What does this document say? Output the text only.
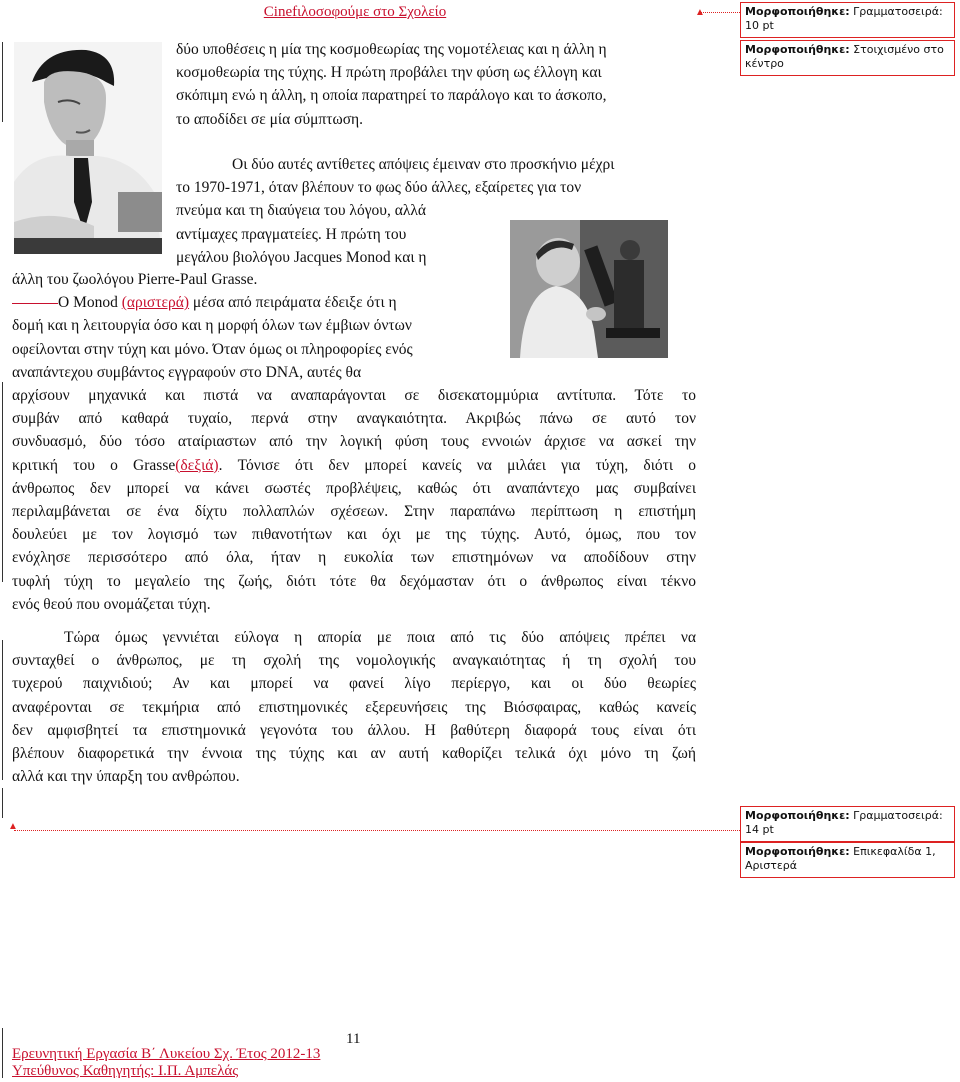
Cinefιλοσοφούμε στο Σχολείο	▲	Μορφοποιήθηκε: Γραμματοσειρά: 10 pt
Μορφοποιήθηκε: Στοιχισμένο στο κέντρο
δύο υποθέσεις η μία της κοσμοθεωρίας της νομοτέλειας και η άλλη η
κοσμοθεωρία της τύχης. Η πρώτη προβάλει την φύση ως έλλογη και
σκόπιμη ενώ η άλλη, η οποία παρατηρεί το παράλογο και το άσκοπο,
το αποδίδει σε μία σύμπτωση.
Οι δύο αυτές αντίθετες απόψεις έμειναν στο προσκήνιο μέχρι
το 1970-1971, όταν βλέπουν το φως δύο άλλες, εξαίρετες για τον
πνεύμα και τη διαύγεια του λόγου, αλλά
αντίμαχες πραγματείες. Η πρώτη του
μεγάλου βιολόγου Jacques Monod και η
άλλη του ζωολόγου Pierre-Paul Grasse.
Ο Monod (αριστερά) μέσα από πειράματα έδειξε ότι η
δομή και η λειτουργία όσο και η μορφή όλων των έμβιων όντων
οφείλονται στην τύχη και μόνο. Όταν όμως οι πληροφορίες ενός
αναπάντεχου συμβάντος εγγραφούν στο DNA, αυτές θα
αρχίσουν μηχανικά και πιστά να αναπαράγονται σε δισεκατομμύρια αντίτυπα. Τότε το
συμβάν από καθαρά τυχαίο, περνά στην αναγκαιότητα. Ακριβώς πάνω σε αυτό τον
συνδυασμό, δύο τόσο αταίριαστων από την λογική φύση τους εννοιών άρχισε να ασκεί την
κριτική του ο Grasse(δεξιά). Τόνισε ότι δεν μπορεί κανείς να μιλάει για τύχη, διότι ο
άνθρωπος δεν μπορεί να κάνει σωστές προβλέψεις, καθώς ότι αναπάντεχο μας συμβαίνει
περιλαμβάνεται σε ένα δίχτυ πολλαπλών σχέσεων. Στην παραπάνω περίπτωση η επιστήμη
δουλεύει με τον λογισμό των πιθανοτήτων και όχι με της τύχης. Αυτό, όμως, που τον
ενόχλησε περισσότερο από όλα, ήταν η ευκολία των επιστημόνων να αποδίδουν στην
τυφλή τύχη το μεγαλείο της ζωής, διότι τότε θα δεχόμασταν ότι ο άνθρωπος είναι τέκνο
ενός θεού που ονομάζεται τύχη.
Τώρα όμως γεννιέται εύλογα η απορία με ποια από τις δύο απόψεις πρέπει να
συνταχθεί ο άνθρωπος, με τη σχολή της νομολογικής αναγκαιότητας ή τη σχολή του
τυχερού παιχνιδιού; Αν και μπορεί να φανεί λίγο περίεργο, και οι δύο θεωρίες
αναφέρονται σε τεκμήρια από επιστημονικές εξερευνήσεις της Βιόσφαιρας, καθώς κανείς
δεν αμφισβητεί τα επιστημονικά γεγονότα του άλλου. Η βαθύτερη διαφορά τους είναι ότι
βλέπουν διαφορετικά την έννοια της τύχης και αν αυτή καθορίζει τελικά όχι μόνο τη ζωή
αλλά και την ύπαρξη του ανθρώπου.
▲
Μορφοποιήθηκε: Γραμματοσειρά: 14 pt
Μορφοποιήθηκε: Επικεφαλίδα 1, Αριστερά
11
Ερευνητική Εργασία Β΄ Λυκείου Σχ. Έτος 2012-13
Υπεύθυνος Καθηγητής: Ι.Π. Αμπελάς
